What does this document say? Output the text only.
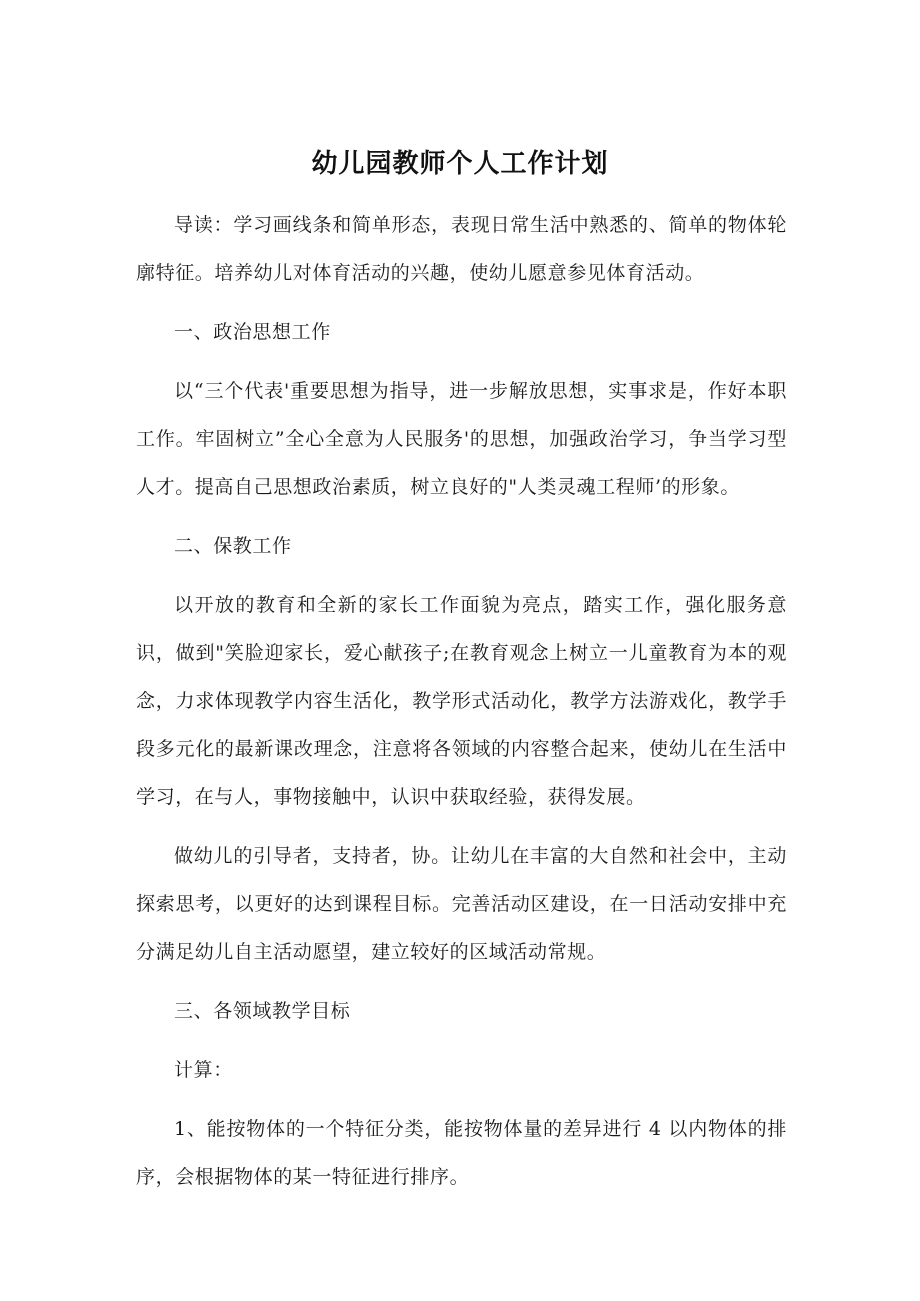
幼儿园教师个人工作计划

导读：学习画线条和简单形态，表现日常生活中熟悉的、简单的物体轮廓特征。培养幼儿对体育活动的兴趣，使幼儿愿意参见体育活动。

一、政治思想工作

以“三个代表'重要思想为指导，进一步解放思想，实事求是，作好本职工作。牢固树立”全心全意为人民服务'的思想，加强政治学习，争当学习型人才。提高自己思想政治素质，树立良好的"人类灵魂工程师’的形象。

二、保教工作

以开放的教育和全新的家长工作面貌为亮点，踏实工作，强化服务意识，做到"笑脸迎家长，爱心献孩子;在教育观念上树立一儿童教育为本的观念，力求体现教学内容生活化，教学形式活动化，教学方法游戏化，教学手段多元化的最新课改理念，注意将各领域的内容整合起来，使幼儿在生活中学习，在与人，事物接触中，认识中获取经验，获得发展。

做幼儿的引导者，支持者，协。让幼儿在丰富的大自然和社会中，主动探索思考，以更好的达到课程目标。完善活动区建设，在一日活动安排中充分满足幼儿自主活动愿望，建立较好的区域活动常规。

三、各领域教学目标

计算：

1、能按物体的一个特征分类，能按物体量的差异进行 4 以内物体的排序，会根据物体的某一特征进行排序。
